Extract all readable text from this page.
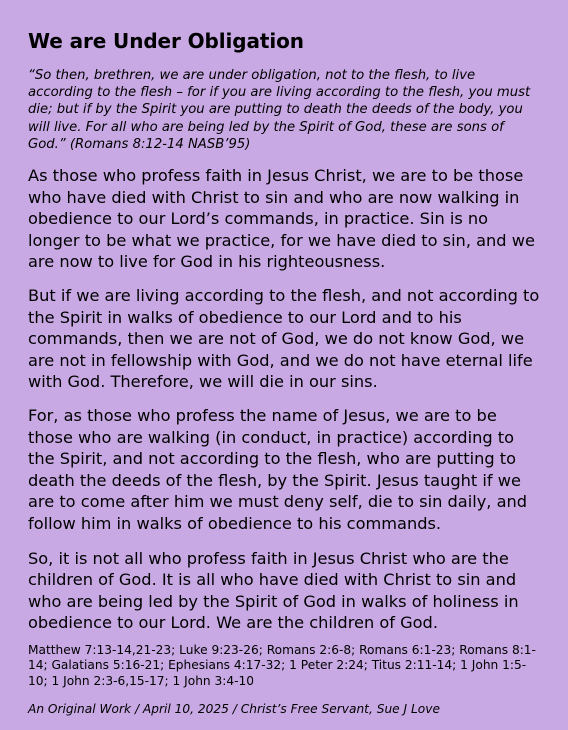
We are Under Obligation

“So then, brethren, we are under obligation, not to the flesh, to live according to the flesh – for if you are living according to the flesh, you must die; but if by the Spirit you are putting to death the deeds of the body, you will live. For all who are being led by the Spirit of God, these are sons of God.” (Romans 8:12-14 NASB’95)

As those who profess faith in Jesus Christ, we are to be those who have died with Christ to sin and who are now walking in obedience to our Lord’s commands, in practice. Sin is no longer to be what we practice, for we have died to sin, and we are now to live for God in his righteousness.

But if we are living according to the flesh, and not according to the Spirit in walks of obedience to our Lord and to his commands, then we are not of God, we do not know God, we are not in fellowship with God, and we do not have eternal life with God. Therefore, we will die in our sins.

For, as those who profess the name of Jesus, we are to be those who are walking (in conduct, in practice) according to the Spirit, and not according to the flesh, who are putting to death the deeds of the flesh, by the Spirit. Jesus taught if we are to come after him we must deny self, die to sin daily, and follow him in walks of obedience to his commands.

So, it is not all who profess faith in Jesus Christ who are the children of God. It is all who have died with Christ to sin and who are being led by the Spirit of God in walks of holiness in obedience to our Lord. We are the children of God.

Matthew 7:13-14,21-23; Luke 9:23-26; Romans 2:6-8; Romans 6:1-23; Romans 8:1-14; Galatians 5:16-21; Ephesians 4:17-32; 1 Peter 2:24; Titus 2:11-14; 1 John 1:5-10; 1 John 2:3-6,15-17; 1 John 3:4-10

An Original Work / April 10, 2025 / Christ’s Free Servant, Sue J Love
